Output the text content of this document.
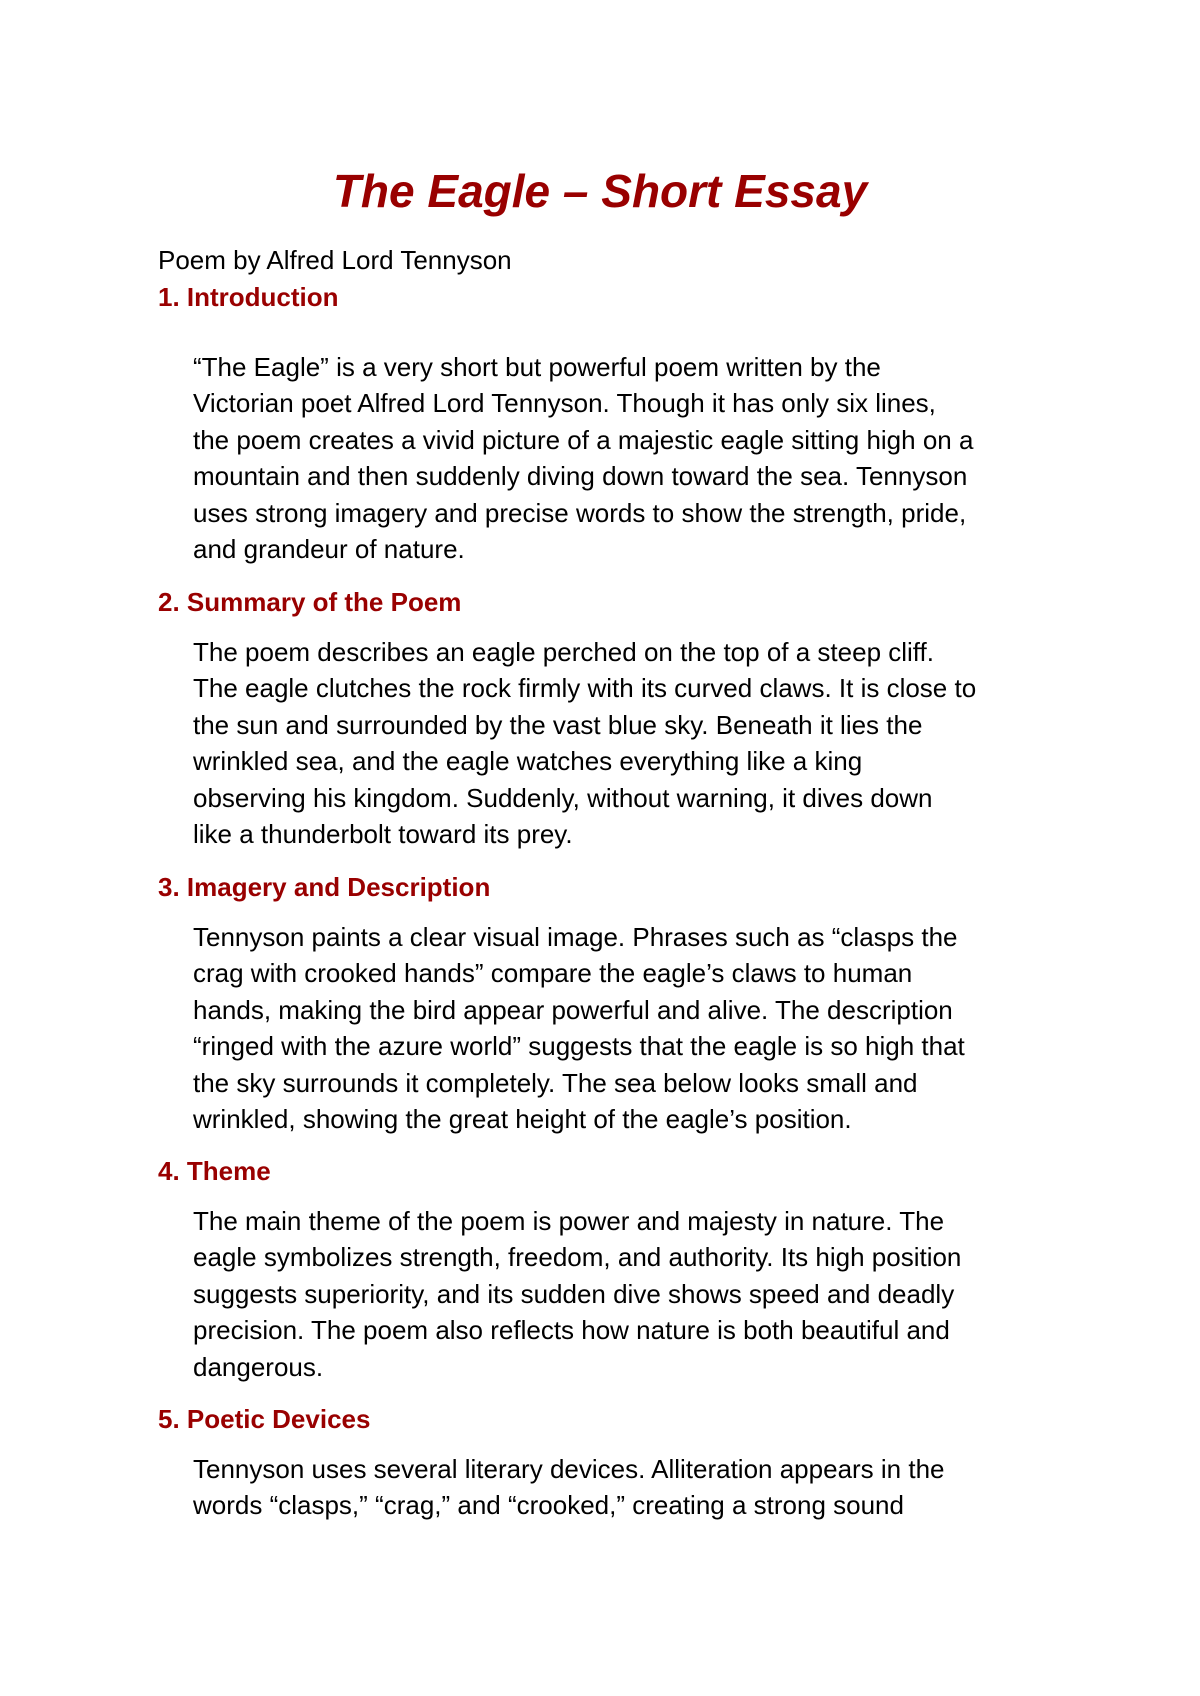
The Eagle – Short Essay

Poem by Alfred Lord Tennyson

1. Introduction
“The Eagle” is a very short but powerful poem written by the
Victorian poet Alfred Lord Tennyson. Though it has only six lines,
the poem creates a vivid picture of a majestic eagle sitting high on a
mountain and then suddenly diving down toward the sea. Tennyson
uses strong imagery and precise words to show the strength, pride,
and grandeur of nature.
2. Summary of the Poem
The poem describes an eagle perched on the top of a steep cliff.
The eagle clutches the rock firmly with its curved claws. It is close to
the sun and surrounded by the vast blue sky. Beneath it lies the
wrinkled sea, and the eagle watches everything like a king
observing his kingdom. Suddenly, without warning, it dives down
like a thunderbolt toward its prey.
3. Imagery and Description
Tennyson paints a clear visual image. Phrases such as “clasps the
crag with crooked hands” compare the eagle’s claws to human
hands, making the bird appear powerful and alive. The description
“ringed with the azure world” suggests that the eagle is so high that
the sky surrounds it completely. The sea below looks small and
wrinkled, showing the great height of the eagle’s position.
4. Theme
The main theme of the poem is power and majesty in nature. The
eagle symbolizes strength, freedom, and authority. Its high position
suggests superiority, and its sudden dive shows speed and deadly
precision. The poem also reflects how nature is both beautiful and
dangerous.
5. Poetic Devices
Tennyson uses several literary devices. Alliteration appears in the
words “clasps,” “crag,” and “crooked,” creating a strong sound
